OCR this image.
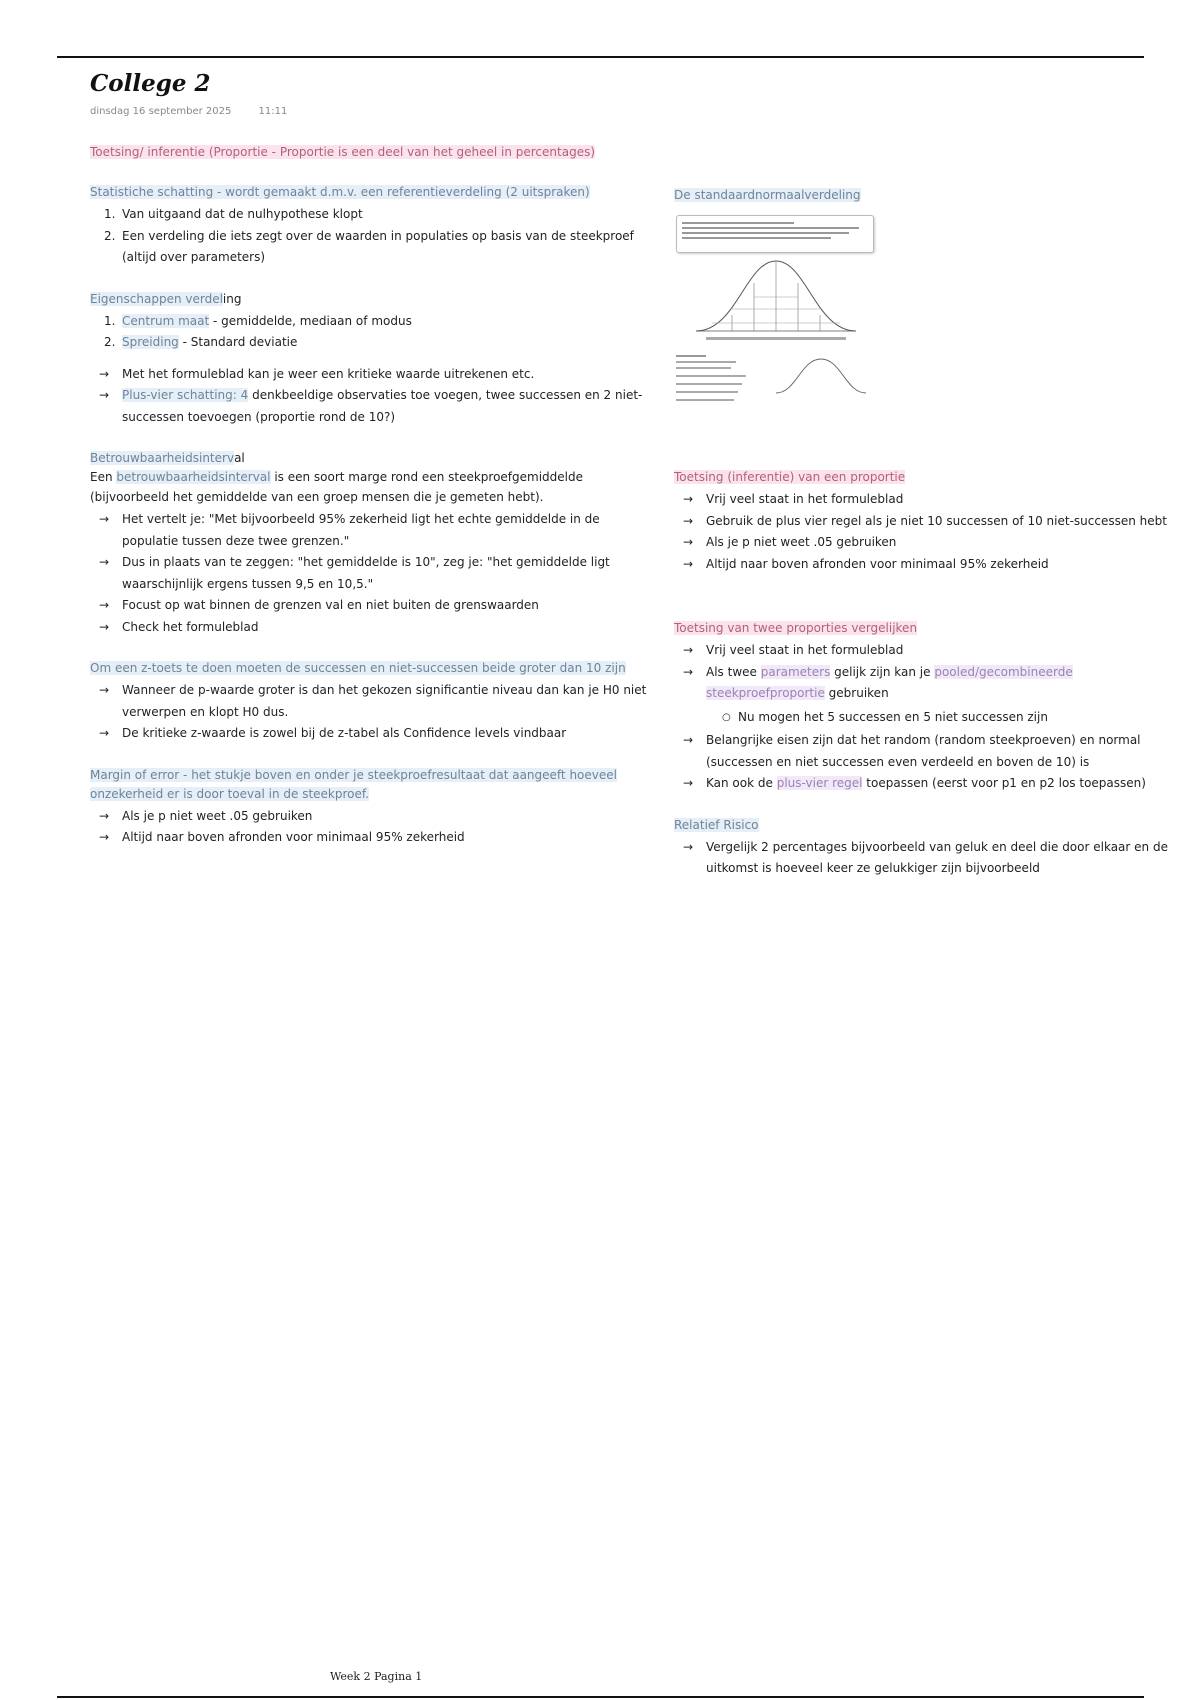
College 2
dinsdag 16 september 2025	11:11

Toetsing/ inferentie (Proportie - Proportie is een deel van het geheel in percentages)

Statistiche schatting - wordt gemaakt d.m.v. een referentieverdeling (2 uitspraken)

1. Van uitgaand dat de nulhypothese klopt
2. Een verdeling die iets zegt over de waarden in populaties op basis van de steekproef (altijd over parameters)

Eigenschappen verdeling

1. Centrum maat - gemiddelde, mediaan of modus
2. Spreiding - Standard deviatie
→ Met het formuleblad kan je weer een kritieke waarde uitrekenen etc.
→ Plus-vier schatting: 4 denkbeeldige observaties toe voegen, twee successen en 2 niet-successen toevoegen (proportie rond de 10?)

Betrouwbaarheidsinterval

Een betrouwbaarheidsinterval is een soort marge rond een steekproefgemiddelde (bijvoorbeeld het gemiddelde van een groep mensen die je gemeten hebt).

→ Het vertelt je: "Met bijvoorbeeld 95% zekerheid ligt het echte gemiddelde in de populatie tussen deze twee grenzen."
→ Dus in plaats van te zeggen: "het gemiddelde is 10", zeg je: "het gemiddelde ligt waarschijnlijk ergens tussen 9,5 en 10,5."
→ Focust op wat binnen de grenzen val en niet buiten de grenswaarden
→ Check het formuleblad

Om een z-toets te doen moeten de successen en niet-successen beide groter dan 10 zijn

→ Wanneer de p-waarde groter is dan het gekozen significantie niveau dan kan je H0 niet verwerpen en klopt H0 dus.
→ De kritieke z-waarde is zowel bij de z-tabel als Confidence levels vindbaar

Margin of error - het stukje boven en onder je steekproefresultaat dat aangeeft hoeveel onzekerheid er is door toeval in de steekproef.

→ Als je p niet weet .05 gebruiken
→ Altijd naar boven afronden voor minimaal 95% zekerheid

De standaardnormaalverdeling

Toetsing (inferentie) van een proportie

→ Vrij veel staat in het formuleblad
→ Gebruik de plus vier regel als je niet 10 successen of 10 niet-successen hebt
→ Als je p niet weet .05 gebruiken
→ Altijd naar boven afronden voor minimaal 95% zekerheid

Toetsing van twee proporties vergelijken

→ Vrij veel staat in het formuleblad
→ Als twee parameters gelijk zijn kan je pooled/gecombineerde steekproefproportie gebruiken
○ Nu mogen het 5 successen en 5 niet successen zijn
→ Belangrijke eisen zijn dat het random (random steekproeven) en normal (successen en niet successen even verdeeld en boven de 10) is
→ Kan ook de plus-vier regel toepassen (eerst voor p1 en p2 los toepassen)

Relatief Risico

→ Vergelijk 2 percentages bijvoorbeeld van geluk en deel die door elkaar en de uitkomst is hoeveel keer ze gelukkiger zijn bijvoorbeeld
Week 2 Pagina 1
